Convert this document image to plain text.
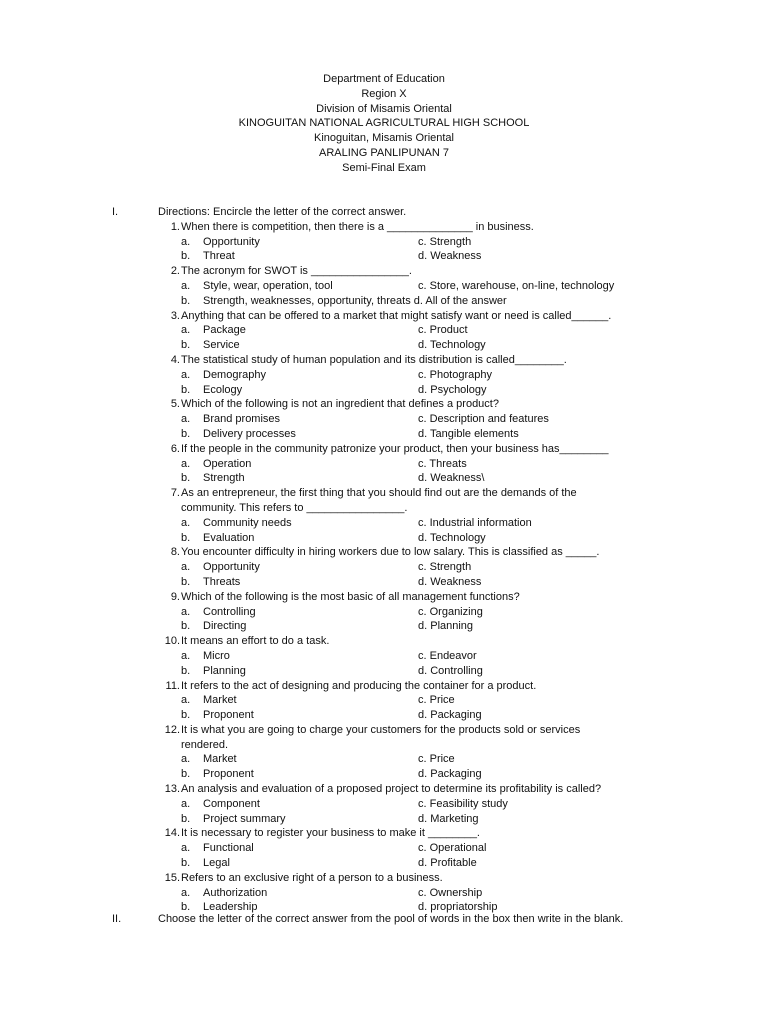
Department of Education
Region X
Division of Misamis Oriental
KINOGUITAN NATIONAL AGRICULTURAL HIGH SCHOOL
Kinoguitan, Misamis Oriental
ARALING PANLIPUNAN 7
Semi-Final Exam
I.	Directions: Encircle the letter of the correct answer.
1. When there is competition, then there is a ______________ in business.
a. Opportunity	c. Strength
b. Threat	d. Weakness
2. The acronym for SWOT is ________________.
a. Style, wear, operation, tool	c. Store, warehouse, on-line, technology
b. Strength, weaknesses, opportunity, threats d. All of the answer
3. Anything that can be offered to a market that might satisfy want or need is called______.
a. Package	c. Product
b. Service	d. Technology
4. The statistical study of human population and its distribution is called________.
a. Demography	c. Photography
b. Ecology	d. Psychology
5. Which of the following is not an ingredient that defines a product?
a. Brand promises	c. Description and features
b. Delivery processes	d. Tangible elements
6. If the people in the community patronize your product, then your business has________
a. Operation	c. Threats
b. Strength	d. Weakness\
7. As an entrepreneur, the first thing that you should find out are the demands of the
community. This refers to ________________.
a. Community needs	c. Industrial information
b. Evaluation	d. Technology
8. You encounter difficulty in hiring workers due to low salary. This is classified as _____.
a. Opportunity	c. Strength
b. Threats	d. Weakness
9. Which of the following is the most basic of all management functions?
a. Controlling	c. Organizing
b. Directing	d. Planning
10. It means an effort to do a task.
a. Micro	c. Endeavor
b. Planning	d. Controlling
11. It refers to the act of designing and producing the container for a product.
a. Market	c. Price
b. Proponent	d. Packaging
12. It is what you are going to charge your customers for the products sold or services
rendered.
a. Market	c. Price
b. Proponent	d. Packaging
13. An analysis and evaluation of a proposed project to determine its profitability is called?
a. Component	c. Feasibility study
b. Project summary	d. Marketing
14. It is necessary to register your business to make it ________.
a. Functional	c. Operational
b. Legal	d. Profitable
15. Refers to an exclusive right of a person to a business.
a. Authorization	c. Ownership
b. Leadership	d. propriatorship
II.	Choose the letter of the correct answer from the pool of words in the box then write in the blank.
